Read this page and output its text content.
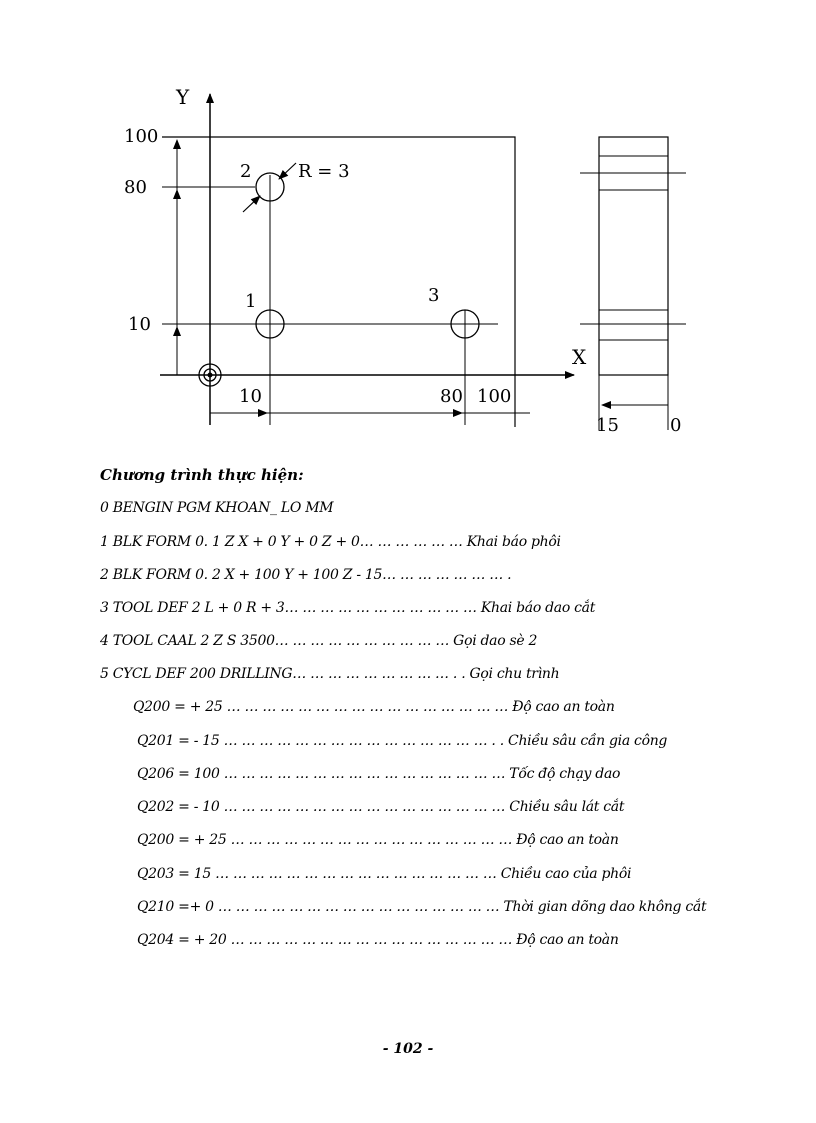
Y
X
100
80
10
2
1	3
R = 3
10	80 100
15	0
Chương trình thực hiện:
0 BENGIN PGM KHOAN_ LO MM
1 BLK FORM 0. 1 Z X + 0 Y + 0 Z + 0… … … … … … Khai báo phôi
2 BLK FORM 0. 2 X + 100 Y + 100 Z - 15… … … … … … … .
3 TOOL DEF 2 L + 0 R + 3… … … … … … … … … … … Khai báo dao cắt
4 TOOL CAAL 2 Z S 3500… … … … … … … … … … Gọi dao sè 2
5 CYCL DEF 200 DRILLING… … … … … … … … … . . Gọi chu trình
Q200 = + 25 … … … … … … … … … … … … … … … … Độ cao an toàn
Q201 = - 15 … … … … … … … … … … … … … … … . . Chiều sâu cần gia công
Q206 = 100 … … … … … … … … … … … … … … … … Tốc độ chạy dao
Q202 = - 10 … … … … … … … … … … … … … … … … Chiều sâu lát cắt
Q200 = + 25 … … … … … … … … … … … … … … … … Độ cao an toàn
Q203 = 15 … … … … … … … … … … … … … … … … Chiều cao của phôi
Q210 =+ 0 … … … … … … … … … … … … … … … … Thời gian dõng dao không cắt
Q204 = + 20 … … … … … … … … … … … … … … … … Độ cao an toàn
- 102 -
